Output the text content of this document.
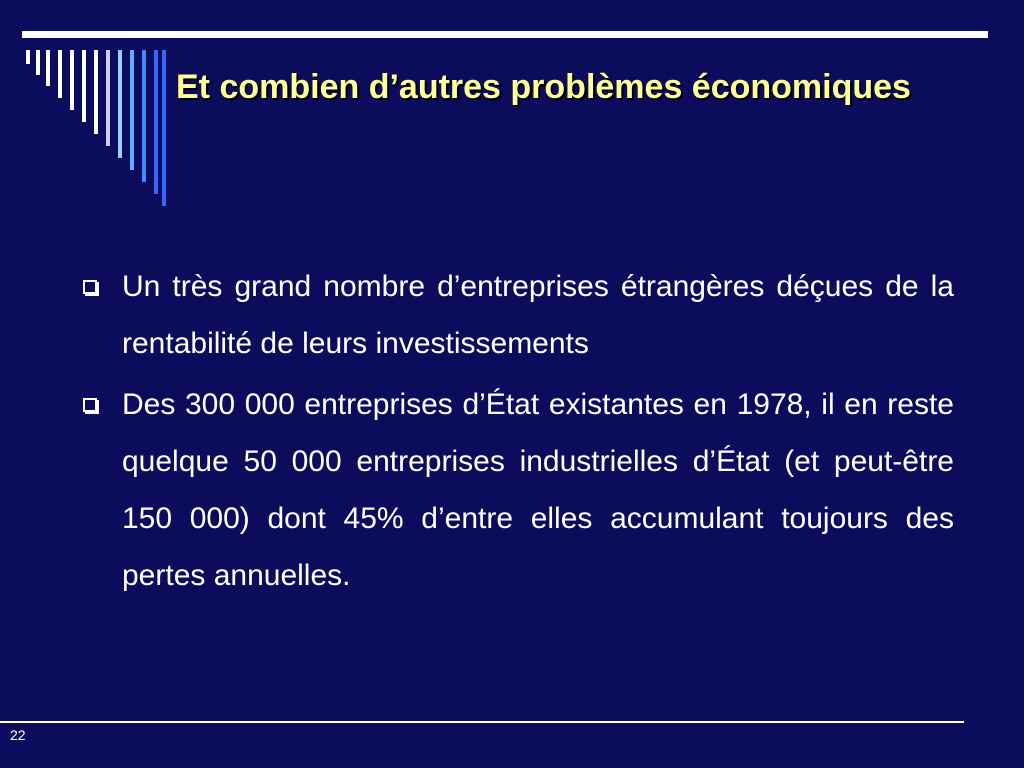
Et combien d’autres problèmes économiques
Un très grand nombre d’entreprises étrangères déçues de la rentabilité de leurs investissements
Des 300 000 entreprises d’État existantes en 1978, il en reste quelque 50 000 entreprises industrielles d’État (et peut-être 150 000) dont 45% d’entre elles accumulant toujours des pertes annuelles.
22
